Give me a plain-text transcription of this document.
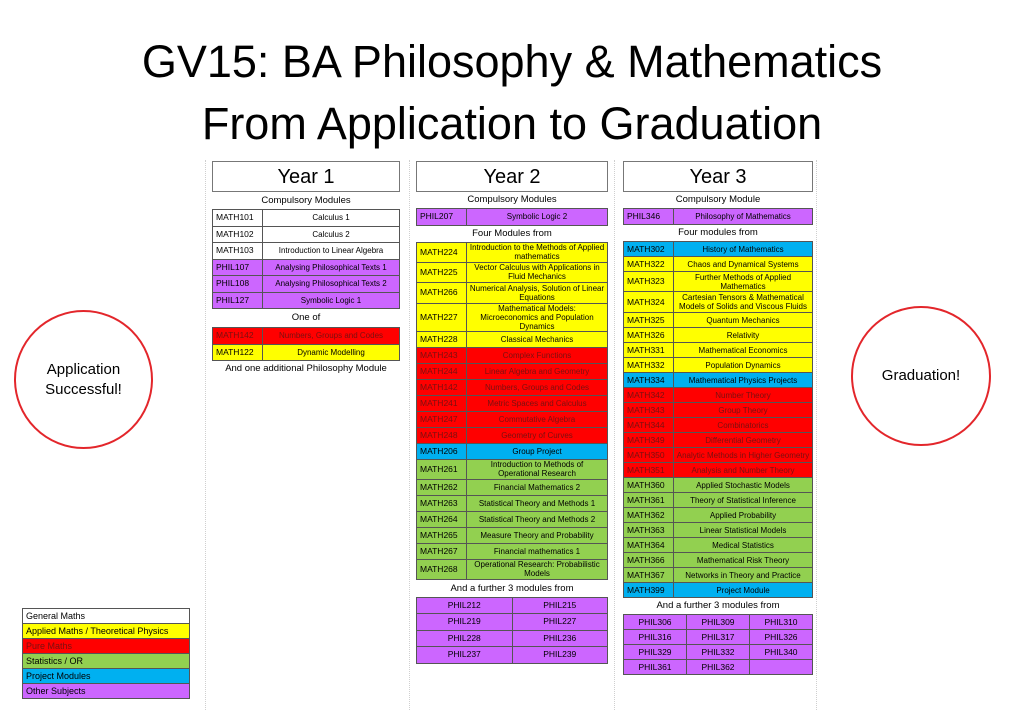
GV15: BA Philosophy & Mathematics
From Application to Graduation
Application Successful!
Graduation!
Year 1
Compulsory Modules
MATH101	Calculus 1
MATH102	Calculus 2
MATH103	Introduction to Linear Algebra
PHIL107	Analysing Philosophical Texts 1
PHIL108	Analysing Philosophical Texts 2
PHIL127	Symbolic Logic 1
One of
MATH142	Numbers, Groups and Codes
MATH122	Dynamic Modelling
And one additional Philosophy Module
Year 2
Compulsory Modules
PHIL207	Symbolic Logic 2
Four Modules from
MATH224	Introduction to the Methods of Applied mathematics
MATH225	Vector Calculus with Applications in Fluid Mechanics
MATH266	Numerical Analysis, Solution of Linear Equations
MATH227	Mathematical Models: Microeconomics and Population Dynamics
MATH228	Classical Mechanics
MATH243	Complex Functions
MATH244	Linear Algebra and Geometry
MATH142	Numbers, Groups and Codes
MATH241	Metric Spaces and Calculus
MATH247	Commutative Algebra
MATH248	Geometry of Curves
MATH206	Group Project
MATH261	Introduction to Methods of Operational Research
MATH262	Financial Mathematics 2
MATH263	Statistical Theory and Methods 1
MATH264	Statistical Theory and Methods 2
MATH265	Measure Theory and Probability
MATH267	Financial mathematics 1
MATH268	Operational Research: Probabilistic Models
And a further 3 modules from
PHIL212	PHIL215
PHIL219	PHIL227
PHIL228	PHIL236
PHIL237	PHIL239
Year 3
Compulsory Module
PHIL346	Philosophy of Mathematics
Four modules from
MATH302	History of Mathematics
MATH322	Chaos and Dynamical Systems
MATH323	Further Methods of Applied Mathematics
MATH324	Cartesian Tensors & Mathematical Models of Solids and Viscous Fluids
MATH325	Quantum Mechanics
MATH326	Relativity
MATH331	Mathematical Economics
MATH332	Population Dynamics
MATH334	Mathematical Physics Projects
MATH342	Number Theory
MATH343	Group Theory
MATH344	Combinatorics
MATH349	Differential Geometry
MATH350	Analytic Methods in Higher Geometry
MATH351	Analysis and Number Theory
MATH360	Applied Stochastic Models
MATH361	Theory of Statistical Inference
MATH362	Applied Probability
MATH363	Linear Statistical Models
MATH364	Medical Statistics
MATH366	Mathematical Risk Theory
MATH367	Networks in Theory and Practice
MATH399	Project Module
And a further 3 modules from
PHIL306	PHIL309	PHIL310
PHIL316	PHIL317	PHIL326
PHIL329	PHIL332	PHIL340
PHIL361	PHIL362	
General Maths
Applied Maths / Theoretical Physics
Pure Maths
Statistics / OR
Project Modules
Other Subjects
